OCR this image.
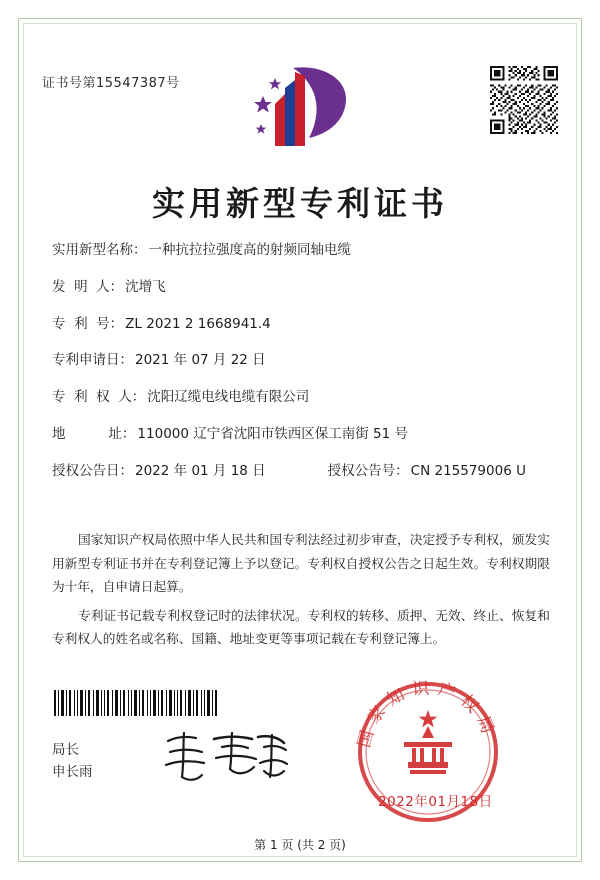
证书号第15547387号
实用新型专利证书
实用新型名称： 一种抗拉拉强度高的射频同轴电缆
发  明  人： 沈增飞
专  利  号： ZL 2021 2 1668941.4
专利申请日： 2021 年 07 月 22 日
专  利  权  人： 沈阳辽缆电线电缆有限公司
地          址： 110000 辽宁省沈阳市铁西区保工南街 51 号
授权公告日： 2022 年 01 月 18 日	授权公告号： CN 215579006 U

国家知识产权局依照中华人民共和国专利法经过初步审查，决定授予专利权，颁发实用新型专利证书并在专利登记簿上予以登记。专利权自授权公告之日起生效。专利权期限为十年，自申请日起算。

专利证书记载专利权登记时的法律状况。专利权的转移、质押、无效、终止、恢复和专利权人的姓名或名称、国籍、地址变更等事项记载在专利登记簿上。

局长
申长雨
国家知识产权局
2022年01月18日
第 1 页 (共 2 页)
